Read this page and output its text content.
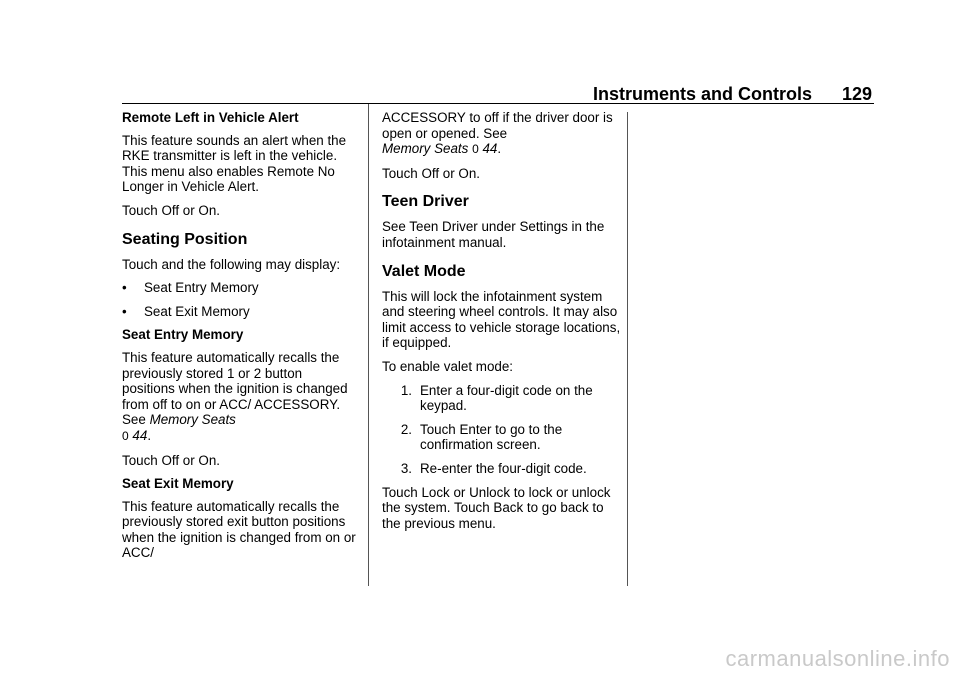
Instruments and Controls 129

Remote Left in Vehicle Alert

This feature sounds an alert when the RKE transmitter is left in the vehicle. This menu also enables Remote No Longer in Vehicle Alert.

Touch Off or On.

Seating Position

Touch and the following may display:

•	Seat Entry Memory
•	Seat Exit Memory

Seat Entry Memory

This feature automatically recalls the previously stored 1 or 2 button positions when the ignition is changed from off to on or ACC/ ACCESSORY. See Memory Seats
0 44.

Touch Off or On.

Seat Exit Memory

This feature automatically recalls the previously stored exit button positions when the ignition is changed from on or ACC/

ACCESSORY to off if the driver door is open or opened. See
Memory Seats 0 44.

Touch Off or On.

Teen Driver

See Teen Driver under Settings in the infotainment manual.

Valet Mode

This will lock the infotainment system and steering wheel controls. It may also limit access to vehicle storage locations, if equipped.

To enable valet mode:

1. Enter a four-digit code on the keypad.
2. Touch Enter to go to the confirmation screen.
3. Re-enter the four-digit code.

Touch Lock or Unlock to lock or unlock the system. Touch Back to go back to the previous menu.

carmanualsonline.info
